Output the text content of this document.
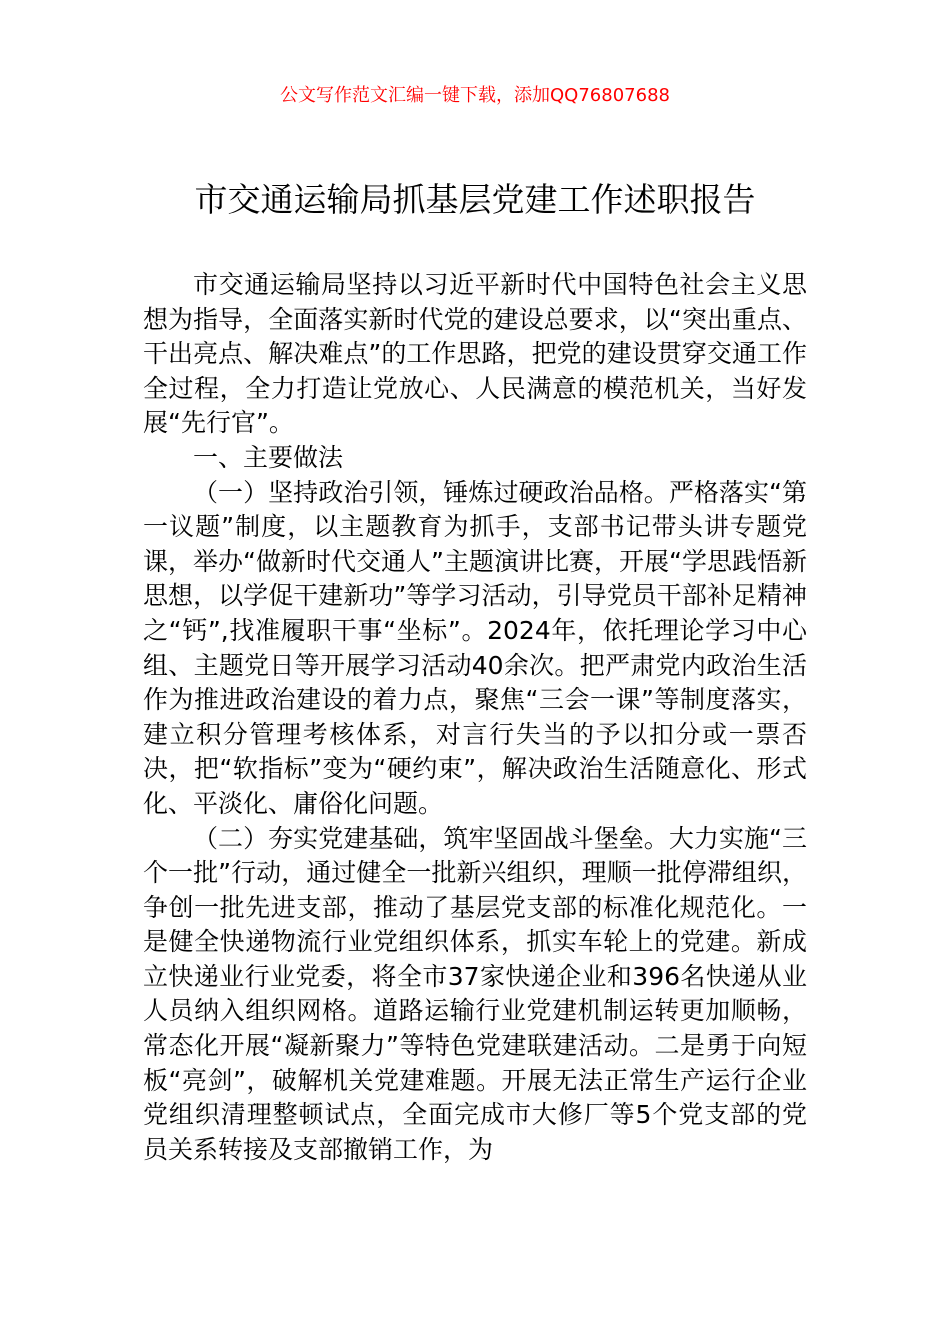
公文写作范文汇编一键下载，添加QQ76807688
市交通运输局抓基层党建工作述职报告

市交通运输局坚持以习近平新时代中国特色社会主义思想为指导，全面落实新时代党的建设总要求，以“突出重点、干出亮点、解决难点”的工作思路，把党的建设贯穿交通工作全过程，全力打造让党放心、人民满意的模范机关，当好发展“先行官”。

一、主要做法

（一）坚持政治引领，锤炼过硬政治品格。严格落实“第一议题”制度，以主题教育为抓手，支部书记带头讲专题党课，举办“做新时代交通人”主题演讲比赛，开展“学思践悟新思想，以学促干建新功”等学习活动，引导党员干部补足精神之“钙”,找准履职干事“坐标”。2024年，依托理论学习中心组、主题党日等开展学习活动40余次。把严肃党内政治生活作为推进政治建设的着力点，聚焦“三会一课”等制度落实，建立积分管理考核体系，对言行失当的予以扣分或一票否决，把“软指标”变为“硬约束”，解决政治生活随意化、形式化、平淡化、庸俗化问题。

（二）夯实党建基础，筑牢坚固战斗堡垒。大力实施“三个一批”行动，通过健全一批新兴组织，理顺一批停滞组织，争创一批先进支部，推动了基层党支部的标准化规范化。一是健全快递物流行业党组织体系，抓实车轮上的党建。新成立快递业行业党委，将全市37家快递企业和396名快递从业人员纳入组织网格。道路运输行业党建机制运转更加顺畅，常态化开展“凝新聚力”等特色党建联建活动。二是勇于向短板“亮剑”，破解机关党建难题。开展无法正常生产运行企业党组织清理整顿试点，全面完成市大修厂等5个党支部的党员关系转接及支部撤销工作，为
